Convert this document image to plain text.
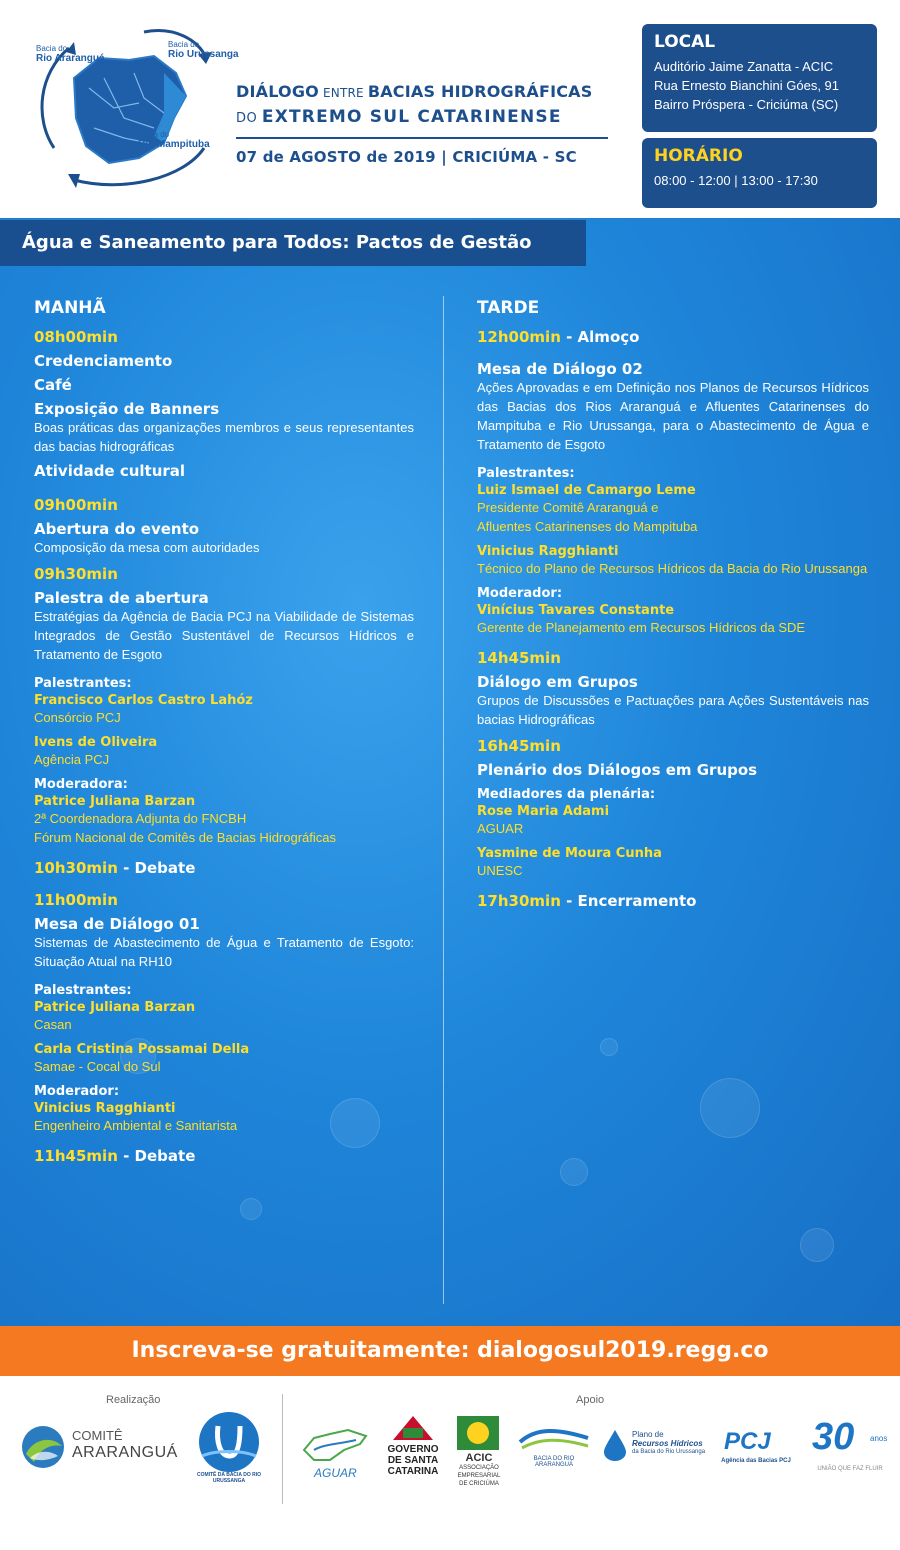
Bacia do
Rio Araranguá
Bacia do
Rio Urussanga
Bacia do
Rio Mampituba
DIÁLOGO ENTRE BACIAS HIDROGRÁFICAS
DO EXTREMO SUL CATARINENSE
07 de AGOSTO de 2019 | CRICIÚMA - SC
LOCAL

Auditório Jaime Zanatta - ACIC

Rua Ernesto Bianchini Góes, 91

Bairro Próspera - Criciúma (SC)

HORÁRIO

08:00 - 12:00 | 13:00 - 17:30

Água e Saneamento para Todos: Pactos de Gestão
MANHÃ
08h00min
Credenciamento
Café
Exposição de Banners
Boas práticas das organizações membros e seus representantes das bacias hidrográficas
Atividade cultural
09h00min
Abertura do evento
Composição da mesa com autoridades
09h30min
Palestra de abertura
Estratégias da Agência de Bacia PCJ na Viabilidade de Sistemas Integrados de Gestão Sustentável de Recursos Hídricos e Tratamento de Esgoto
Palestrantes:
Francisco Carlos Castro Lahóz
Consórcio PCJ
Ivens de Oliveira
Agência PCJ
Moderadora:
Patrice Juliana Barzan
2ª Coordenadora Adjunta do FNCBH
Fórum Nacional de Comitês de Bacias Hidrográficas
10h30min - Debate
11h00min
Mesa de Diálogo 01
Sistemas de Abastecimento de Água e Tratamento de Esgoto: Situação Atual na RH10
Palestrantes:
Patrice Juliana Barzan
Casan
Carla Cristina Possamai Della
Samae - Cocal do Sul
Moderador:
Vinicius Ragghianti
Engenheiro Ambiental e Sanitarista
11h45min - Debate
TARDE
12h00min - Almoço
Mesa de Diálogo 02
Ações Aprovadas e em Definição nos Planos de Recursos Hídricos das Bacias dos Rios Araranguá e Afluentes Catarinenses do Mampituba e Rio Urussanga, para o Abastecimento de Água e Tratamento de Esgoto
Palestrantes:
Luiz Ismael de Camargo Leme
Presidente Comitê Araranguá e
Afluentes Catarinenses do Mampituba
Vinicius Ragghianti
Técnico do Plano de Recursos Hídricos da Bacia do Rio Urussanga
Moderador:
Vinícius Tavares Constante
Gerente de Planejamento em Recursos Hídricos da SDE
14h45min
Diálogo em Grupos
Grupos de Discussões e Pactuações para Ações Sustentáveis nas bacias Hidrográficas
16h45min
Plenário dos Diálogos em Grupos
Mediadores da plenária:
Rose Maria Adami
AGUAR
Yasmine de Moura Cunha
UNESC
17h30min - Encerramento
Inscreva-se gratuitamente: dialogosul2019.regg.co
Realização	Apoio
COMITÊ
ARARANGUÁ
COMITÊ DA BACIA DO RIO URUSSANGA
AGUAR
GOVERNO
DE SANTA
CATARINA
ACIC
ASSOCIAÇÃO
EMPRESARIAL
DE CRICIÚMA
BACIA DO RIO ARARANGUÁ
Plano de
Recursos Hídricos
da Bacia do Rio Urussanga PCJ
Agência das Bacias PCJ
30 anos
UNIÃO QUE FAZ FLUIR
